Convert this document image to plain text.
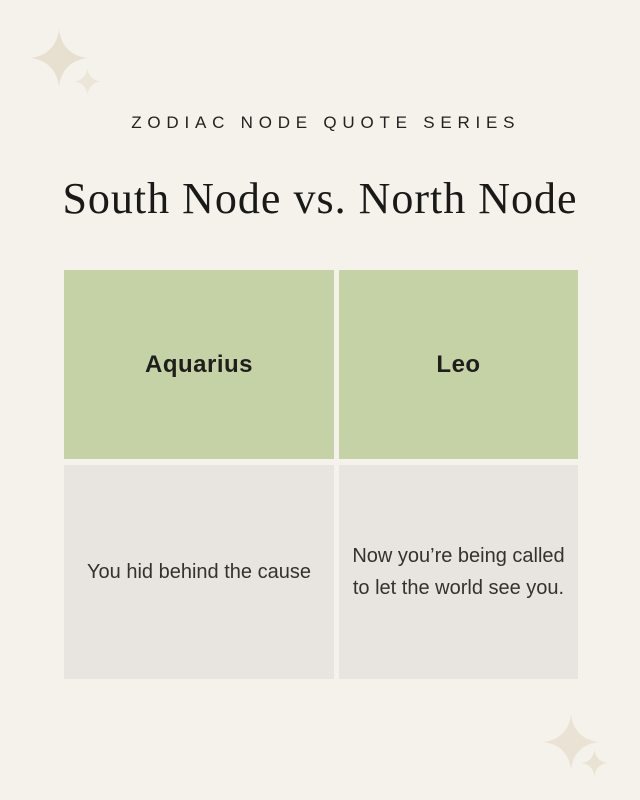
ZODIAC NODE QUOTE SERIES
South Node vs. North Node
Aquarius	Leo
You hid behind the cause
Now you’re being called
to let the world see you.
